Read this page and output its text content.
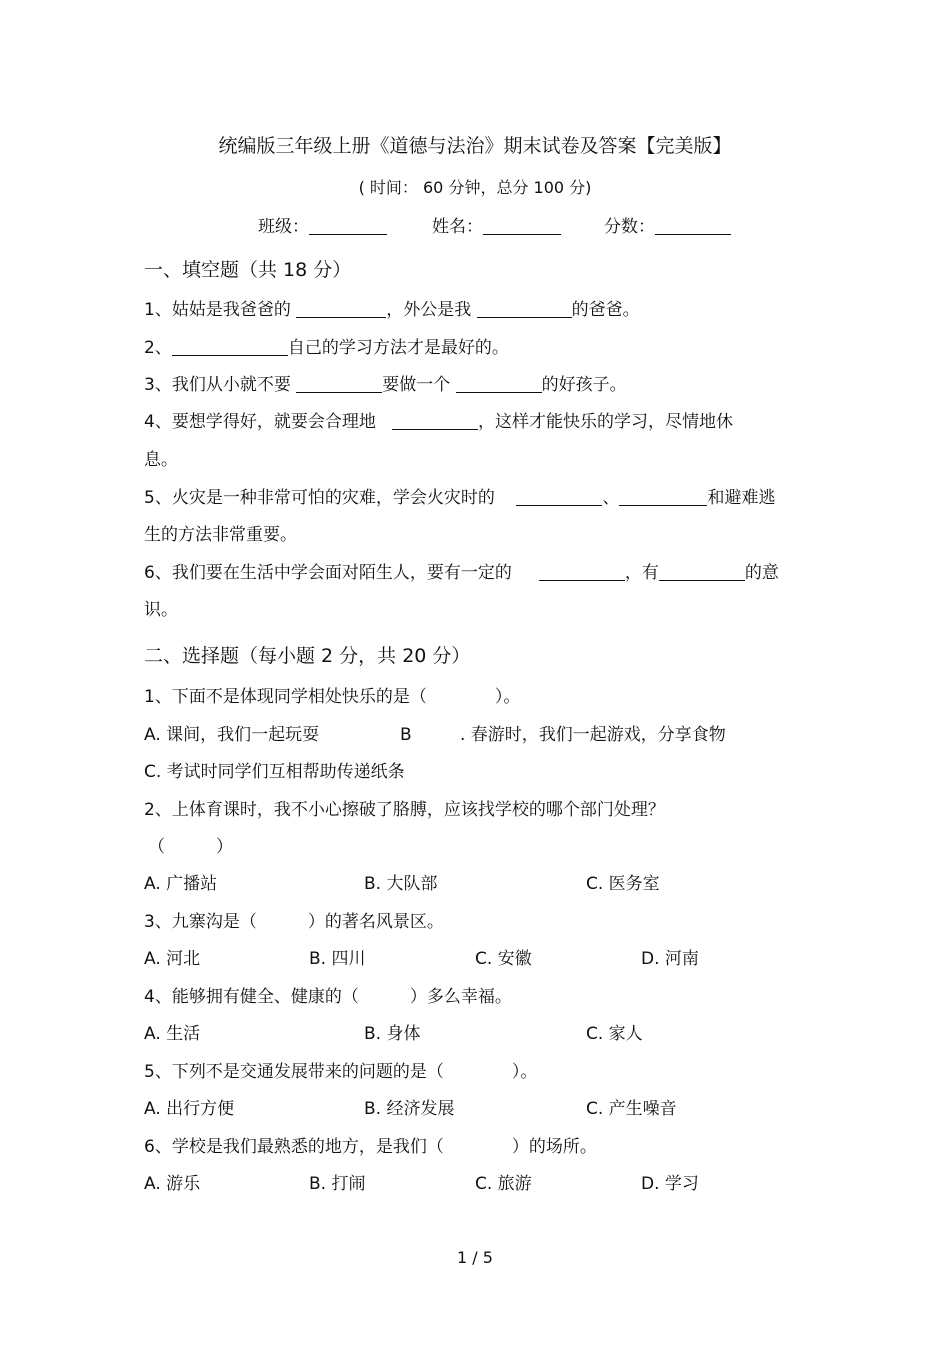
统编版三年级上册《道德与法治》期末试卷及答案【完美版】
( 时间： 60 分钟，总分 100 分)
班级：	姓名：	分数：
一、填空题（共 18 分）
1、姑姑是我爸爸的	，外公是我	的爸爸。
2、	自己的学习方法才是最好的。
3、我们从小就不要	要做一个	的好孩子。
4、要想学得好，就要会合理地	，这样才能快乐的学习，尽情地休
息。
5、火灾是一种非常可怕的灾难，学会火灾时的	、	和避难逃
生的方法非常重要。
6、我们要在生活中学会面对陌生人，要有一定的	，有	的意
识。
二、选择题（每小题 2 分，共 20 分）
1、下面不是体现同学相处快乐的是（　　　　）。
A. 课间，我们一起玩耍	B	. 春游时，我们一起游戏，分享食物
C. 考试时同学们互相帮助传递纸条
2、上体育课时，我不小心擦破了胳膊，应该找学校的哪个部门处理？
（　　　）
A. 广播站	B. 大队部	C. 医务室
3、九寨沟是（　　　）的著名风景区。
A. 河北	B. 四川	C. 安徽	D. 河南
4、能够拥有健全、健康的（　　　）多么幸福。
A. 生活	B. 身体	C. 家人
5、下列不是交通发展带来的问题的是（　　　　）。
A. 出行方便	B. 经济发展	C. 产生噪音
6、学校是我们最熟悉的地方，是我们（　　　　）的场所。
A. 游乐	B. 打闹	C. 旅游	D. 学习
1 / 5
